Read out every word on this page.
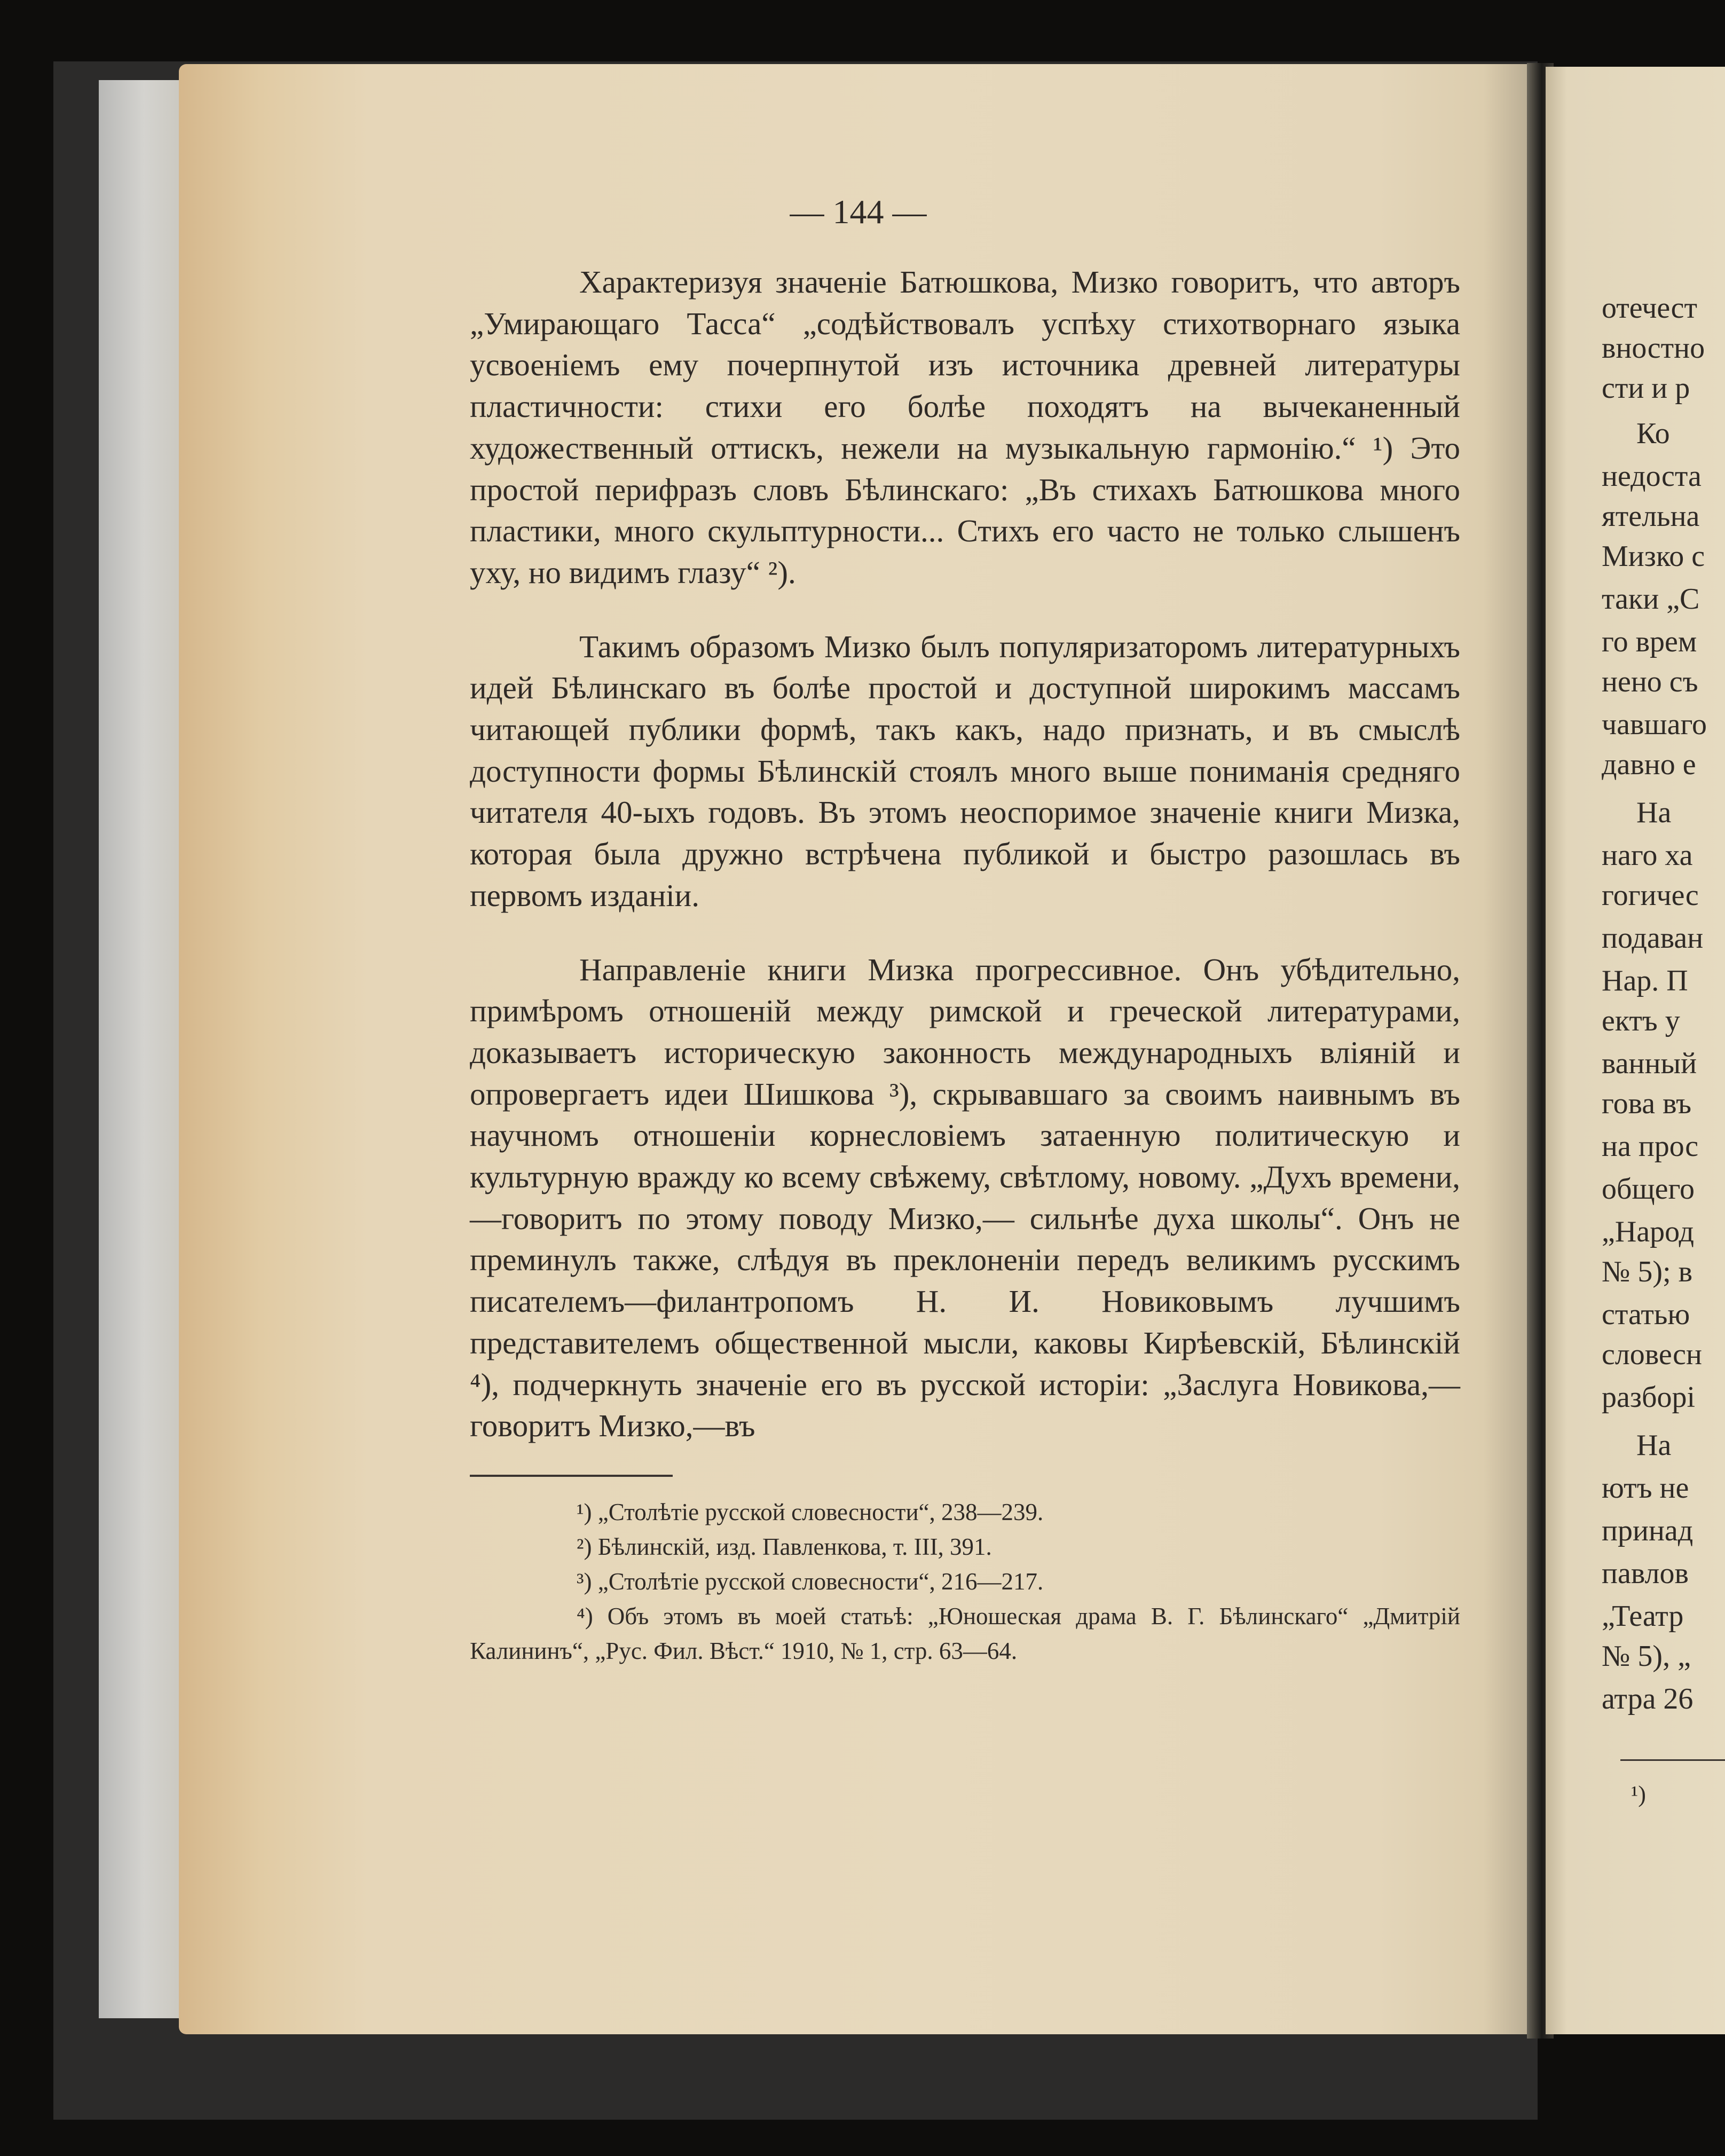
— 144 —

Характеризуя значеніе Батюшкова, Мизко говоритъ, что авторъ „Умирающаго Тасса“ „содѣйствовалъ успѣху стихотворнаго языка усвоеніемъ ему почерпнутой изъ источника древней литературы пластичности: стихи его болѣе походятъ на вычеканенный художественный оттискъ, нежели на музыкальную гармонію.“ ¹) Это простой перифразъ словъ Бѣлинскаго: „Въ стихахъ Батюшкова много пластики, много скульптурности... Стихъ его часто не только слышенъ уху, но видимъ глазу“ ²).

Такимъ образомъ Мизко былъ популяризаторомъ литературныхъ идей Бѣлинскаго въ болѣе простой и доступной широкимъ массамъ читающей публики формѣ, такъ какъ, надо признать, и въ смыслѣ доступности формы Бѣлинскій стоялъ много выше пониманія средняго читателя 40-ыхъ годовъ. Въ этомъ неоспоримое значеніе книги Мизка, которая была дружно встрѣчена публикой и быстро разошлась въ первомъ изданіи.

Направленіе книги Мизка прогрессивное. Онъ убѣдительно, примѣромъ отношеній между римской и греческой литературами, доказываетъ историческую законность международныхъ вліяній и опровергаетъ идеи Шишкова ³), скрывавшаго за своимъ наивнымъ въ научномъ отношеніи корнесловіемъ затаенную политическую и культурную вражду ко всему свѣжему, свѣтлому, новому. „Духъ времени,—говоритъ по этому поводу Мизко,— сильнѣе духа школы“. Онъ не преминулъ также, слѣдуя въ преклоненіи передъ великимъ русскимъ писателемъ—филантропомъ Н. И. Новиковымъ лучшимъ представителемъ общественной мысли, каковы Кирѣевскій, Бѣлинскій ⁴), подчеркнуть значеніе его въ русской исторіи: „Заслуга Новикова,—говоритъ Мизко,—въ

¹) „Столѣтіе русской словесности“, 238—239.

²) Бѣлинскій, изд. Павленкова, т. III, 391.

³) „Столѣтіе русской словесности“, 216—217.

⁴) Объ этомъ въ моей статьѣ: „Юношеская драма В. Г. Бѣлинскаго“ „Дмитрій Калининъ“, „Рус. Фил. Вѣст.“ 1910, № 1, стр. 63—64.

отечест
вностно
сти и р
Ко
недоста
ятельна
Мизко с
таки „С
го врем
нено съ
чавшаго
давно е
На
наго ха
гогичес
подаван
Нар. П
ектъ у
ванный
гова въ
на прос
общего
„Народ
№ 5); в
статью
словесн
разборі
На
ютъ не
принад
павлов
„Театр
№ 5), „
атра 26
¹)
